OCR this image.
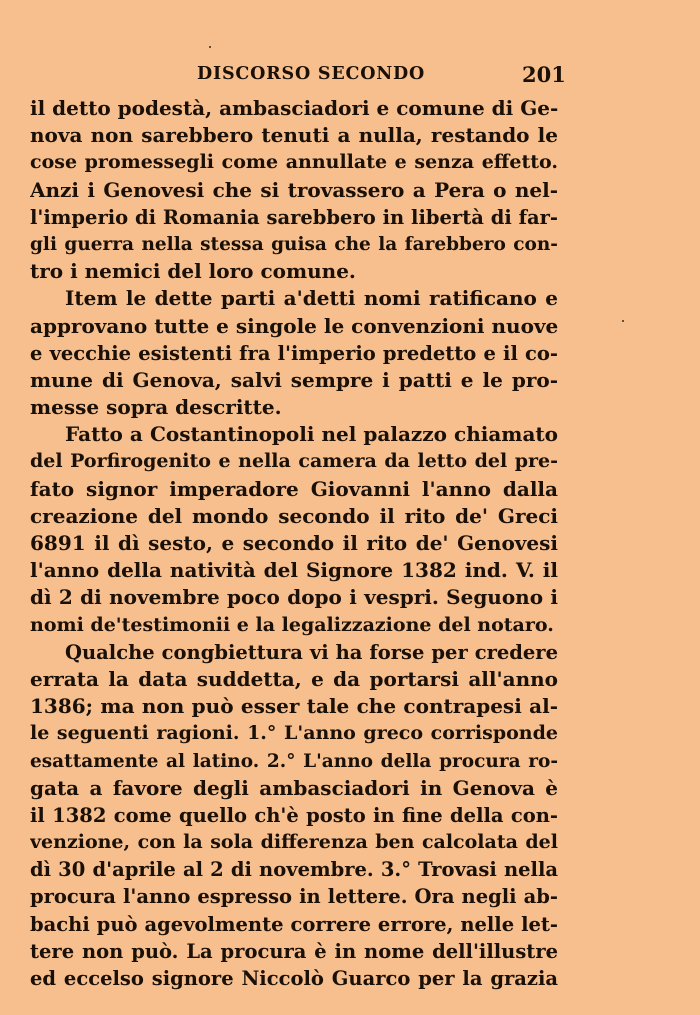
DISCORSO SECONDO	201
il detto podestà, ambasciadori e comune di Ge-
nova non sarebbero tenuti a nulla, restando le
cose promessegli come annullate e senza effetto.
Anzi i Genovesi che si trovassero a Pera o nel-
l'imperio di Romania sarebbero in libertà di far-
gli guerra nella stessa guisa che la farebbero con-
tro i nemici del loro comune.
Item le dette parti a'detti nomi ratificano e
approvano tutte e singole le convenzioni nuove
e vecchie esistenti fra l'imperio predetto e il co-
mune di Genova, salvi sempre i patti e le pro-
messe sopra descritte.
Fatto a Costantinopoli nel palazzo chiamato
del Porfirogenito e nella camera da letto del pre-
fato signor imperadore Giovanni l'anno dalla
creazione del mondo secondo il rito de' Greci
6891 il dì sesto, e secondo il rito de' Genovesi
l'anno della natività del Signore 1382 ind. V. il
dì 2 di novembre poco dopo i vespri. Seguono i
nomi de'testimonii e la legalizzazione del notaro.
Qualche congbiettura vi ha forse per credere
errata la data suddetta, e da portarsi all'anno
1386; ma non può esser tale che contrapesi al-
le seguenti ragioni. 1.° L'anno greco corrisponde
esattamente al latino. 2.° L'anno della procura ro-
gata a favore degli ambasciadori in Genova è
il 1382 come quello ch'è posto in fine della con-
venzione, con la sola differenza ben calcolata del
dì 30 d'aprile al 2 di novembre. 3.° Trovasi nella
procura l'anno espresso in lettere. Ora negli ab-
bachi può agevolmente correre errore, nelle let-
tere non può. La procura è in nome dell'illustre
ed eccelso signore Niccolò Guarco per la grazia
